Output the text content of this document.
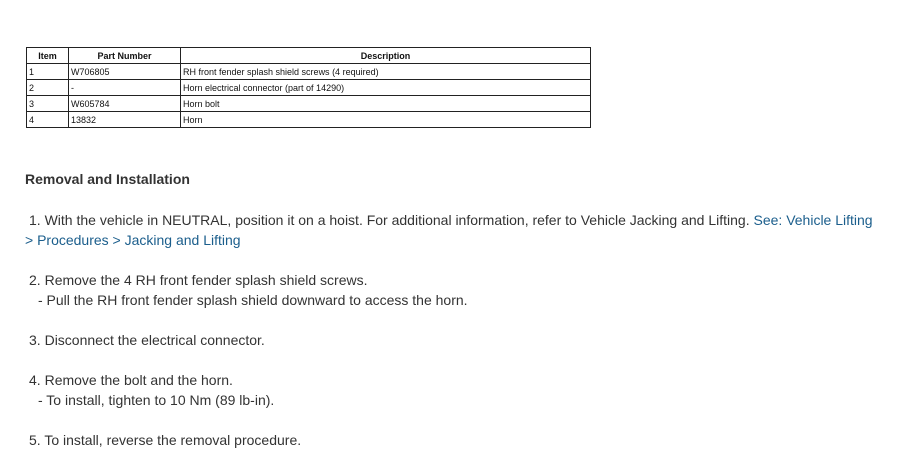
Item	Part Number	Description
1	W706805	RH front fender splash shield screws (4 required)
2	-	Horn electrical connector (part of 14290)
3	W605784	Horn bolt
4	13832	Horn
Removal and Installation
1. With the vehicle in NEUTRAL, position it on a hoist. For additional information, refer to Vehicle Jacking and Lifting. See: Vehicle Lifting
> Procedures > Jacking and Lifting
2. Remove the 4 RH front fender splash shield screws.
- Pull the RH front fender splash shield downward to access the horn.
3. Disconnect the electrical connector.
4. Remove the bolt and the horn.
- To install, tighten to 10 Nm (89 lb-in).
5. To install, reverse the removal procedure.
